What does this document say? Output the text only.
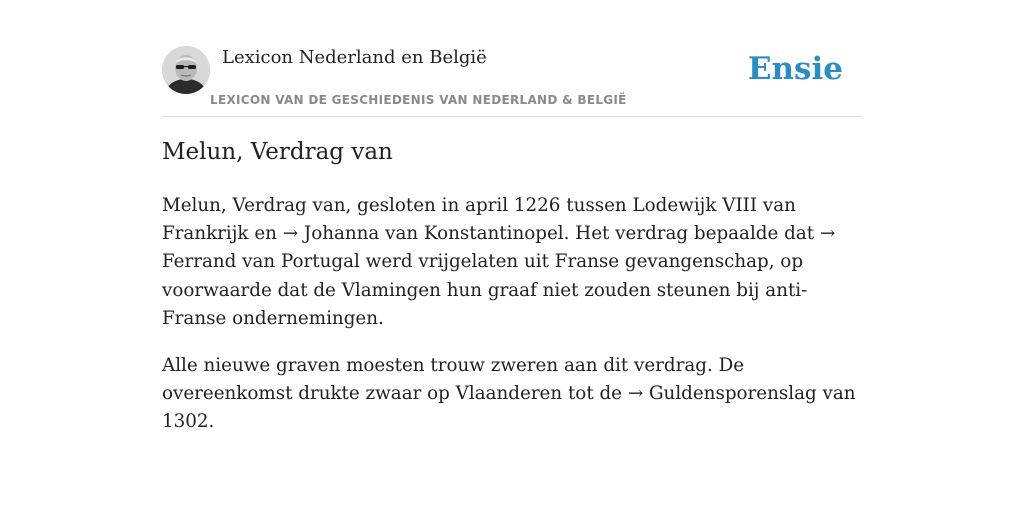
Lexicon Nederland en België
LEXICON VAN DE GESCHIEDENIS VAN NEDERLAND & BELGIË
Ensie
Melun, Verdrag van

Melun, Verdrag van, gesloten in april 1226 tussen Lodewijk VIII van Frankrijk en → Johanna van Konstantinopel. Het verdrag bepaalde dat → Ferrand van Portugal werd vrijgelaten uit Franse gevangenschap, op voorwaarde dat de Vlamingen hun graaf niet zouden steunen bij anti-Franse ondernemingen.

Alle nieuwe graven moesten trouw zweren aan dit verdrag. De overeenkomst drukte zwaar op Vlaanderen tot de → Guldensporenslag van 1302.
